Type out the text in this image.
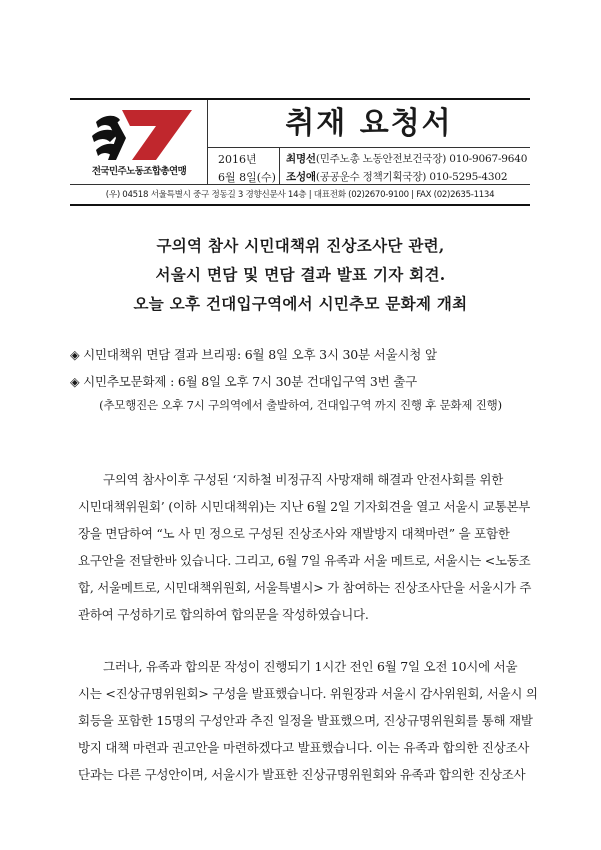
전국민주노동조합총연맹
취재 요청서
2016년
6월 8일(수)
최명선(민주노총 노동안전보건국장) 010-9067-9640
조성애(공공운수 정책기획국장) 010-5295-4302
(우) 04518 서울특별시 중구 정동길 3 경향신문사 14층 | 대표전화 (02)2670-9100 | FAX (02)2635-1134
구의역 참사 시민대책위 진상조사단 관련,
서울시 면담 및 면담 결과 발표 기자 회견.
오늘 오후 건대입구역에서 시민추모 문화제 개최
◈ 시민대책위 면담 결과 브리핑: 6월 8일 오후 3시 30분 서울시청 앞
◈ 시민추모문화제 : 6월 8일 오후 7시 30분 건대입구역 3번 출구
(추모행진은 오후 7시 구의역에서 출발하여, 건대입구역 까지 진행 후 문화제 진행)
구의역 참사이후 구성된 ‘지하철 비정규직 사망재해 해결과 안전사회를 위한
시민대책위원회’ (이하 시민대책위)는 지난 6월 2일 기자회견을 열고 서울시 교통본부
장을 면담하여 “노 사 민 정으로 구성된 진상조사와 재발방지 대책마련” 을 포함한
요구안을 전달한바 있습니다. 그리고, 6월 7일 유족과 서울 메트로, 서울시는 <노동조
합, 서울메트로, 시민대책위원회, 서울특별시> 가 참여하는 진상조사단을 서울시가 주
관하여 구성하기로 합의하여 합의문을 작성하였습니다.
그러나, 유족과 합의문 작성이 진행되기 1시간 전인 6월 7일 오전 10시에 서울
시는 <진상규명위원회> 구성을 발표했습니다. 위원장과 서울시 감사위원회, 서울시 의
회등을 포함한 15명의 구성안과 추진 일정을 발표했으며, 진상규명위원회를 통해 재발
방지 대책 마련과 권고안을 마련하겠다고 발표했습니다. 이는 유족과 합의한 진상조사
단과는 다른 구성안이며, 서울시가 발표한 진상규명위원회와 유족과 합의한 진상조사
